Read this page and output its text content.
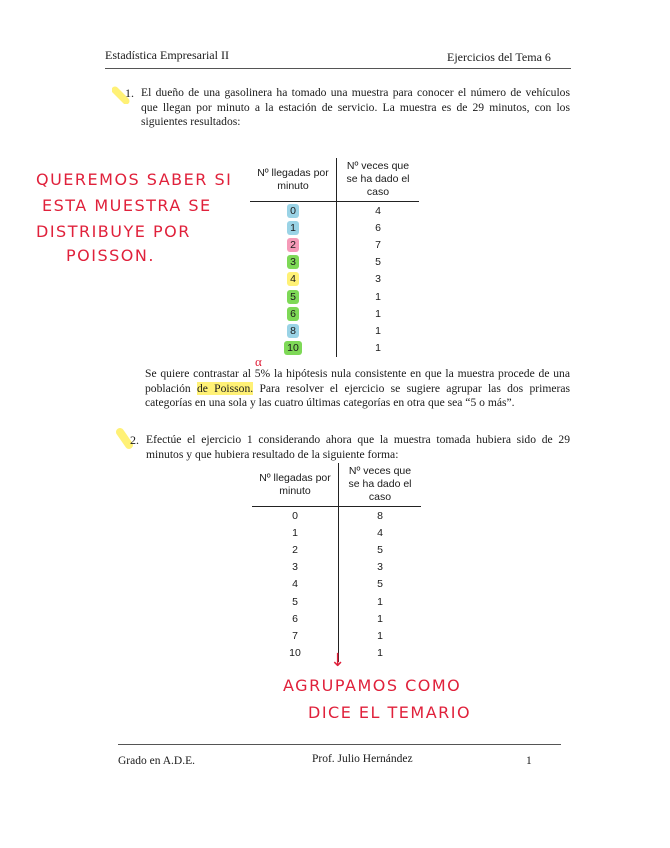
Estadística Empresarial II	Ejercicios del Tema 6
1. El dueño de una gasolinera ha tomado una muestra para conocer el número de vehículos que llegan por minuto a la estación de servicio. La muestra es de 29 minutos, con los siguientes resultados:
QUEREMOS SABER SI
ESTA MUESTRA SE
DISTRIBUYE POR
POISSON.
Nº llegadas por minuto	Nº veces que se ha dado el caso
0	4
1	6
2	7
3	5
4	3
5	1
6	1
8	1
10	1
α
Se quiere contrastar al 5% la hipótesis nula consistente en que la muestra procede de una población de Poisson. Para resolver el ejercicio se sugiere agrupar las dos primeras categorías en una sola y las cuatro últimas categorías en otra que sea “5 o más”.
2. Efectúe el ejercicio 1 considerando ahora que la muestra tomada hubiera sido de 29 minutos y que hubiera resultado de la siguiente forma:
Nº llegadas por minuto	Nº veces que se ha dado el caso
0	8
1	4
2	5
3	3
4	5
5	1
6	1
7	1
10	1
↓
AGRUPAMOS COMO
DICE EL TEMARIO
Grado en A.D.E.	Prof. Julio Hernández	1
